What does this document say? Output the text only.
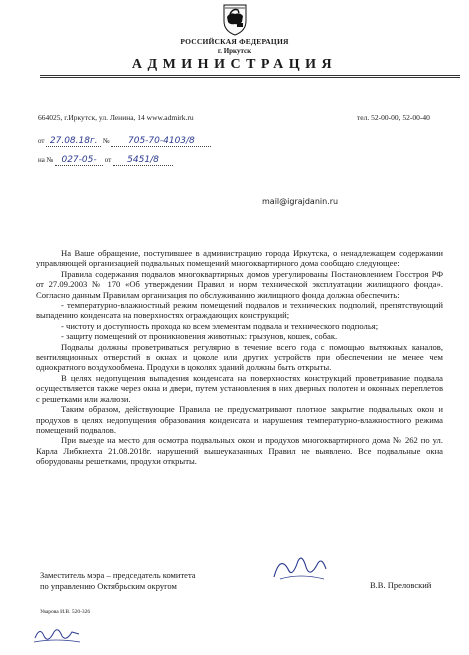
РОССИЙСКАЯ ФЕДЕРАЦИЯ
г. Иркутск
АДМИНИСТРАЦИЯ
664025, г.Иркутск, ул. Ленина, 14 www.admirk.ru	тел. 52-00-00, 52-00-40
от 27.08.18г. № 705-70-4103/8
на № 027-05- от 5451/8
mail@igrajdanin.ru

На Ваше обращение, поступившее в администрацию города Иркутска, о ненадлежащем содержании управляющей организацией подвальных помещений многоквартирного дома сообщаю следующее:

Правила содержания подвалов многоквартирных домов урегулированы Постановлением Госстроя РФ от 27.09.2003 № 170 «Об утверждении Правил и норм технической эксплуатации жилищного фонда». Согласно данным Правилам организация по обслуживанию жилищного фонда должна обеспечить:

- температурно-влажностный режим помещений подвалов и технических подполий, препятствующий выпадению конденсата на поверхностях ограждающих конструкций;

- чистоту и доступность прохода ко всем элементам подвала и технического подполья;

- защиту помещений от проникновения животных: грызунов, кошек, собак.

Подвалы должны проветриваться регулярно в течение всего года с помощью вытяжных каналов, вентиляционных отверстий в окнах и цоколе или других устройств при обеспечении не менее чем однократного воздухообмена. Продухи в цоколях зданий должны быть открыты.

В целях недопущения выпадения конденсата на поверхностях конструкций проветривание подвала осуществляется также через окна и двери, путем установления в них дверных полотен и оконных переплетов с решетками или жалюзи.

Таким образом, действующие Правила не предусматривают плотное закрытие подвальных окон и продухов в целях недопущения образования конденсата и нарушения температурно-влажностного режима помещений подвалов.

При выезде на место для осмотра подвальных окон и продухов многоквартирного дома № 262 по ул. Карла Либкнехта 21.08.2018г. нарушений вышеуказанных Правил не выявлено. Все подвальные окна оборудованы решетками, продухи открыты.

Заместитель мэра – председатель комитета
по управлению Октябрьским округом	В.В. Преловский
Уварова И.В. 520-326
